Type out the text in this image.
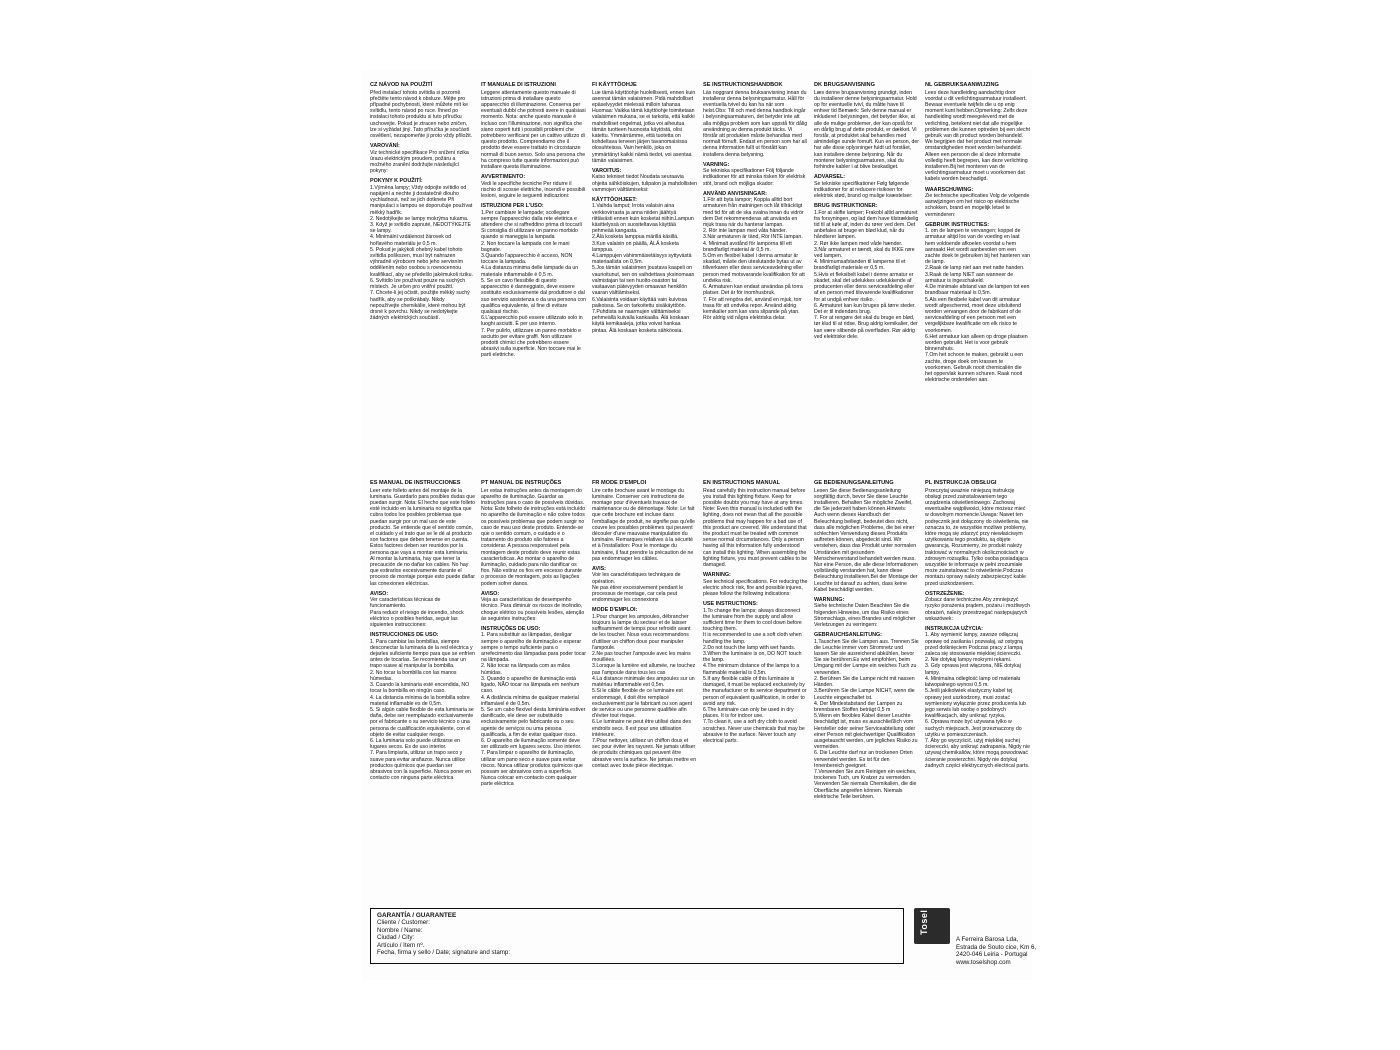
CZ NÁVOD NA POUŽITÍ

Před instalací tohoto svítidla si pozorně přečtěte tento návod k obsluze. Mějte pro případné pochybnosti, které můžete mít ke svítidlu, tento návod po ruce. Ihned po instalaci tohoto produktu si tuto příručku uschovejte. Pokud je ztracen nebo zničen, lze si vyžádat jiný. Tato příručka je součástí osvětlení, nezapomeňte ji proto vždy přiložit.

VAROVÁNÍ:

Viz technické specifikace Pro snížení rizika úrazu elektrickým proudem, požáru a možného zranění dodržujte následující pokyny:

POKYNY K POUŽITÍ:

1.Výměna lampy; Vždy odpojte svítidlo od napájení a nechte ji dostatečně dlouho vychladnout, než se jich dotknete Při manipulaci s lampou se doporučuje používat měkký hadřík.
2. Nedotýkejte se lampy mokrýma rukama.
3. Když je svítidlo zapnuté, NEDOTÝKEJTE se lampy.
4. Minimální vzdálenost žárovek od hořlavého materiálu je 0,5 m.
5. Pokud je jakýkoli ohebný kabel tohoto svítidla poškozen, musí být nahrazen výhradně výrobcem nebo jeho servisním oddělením nebo osobou s rovnocennou kvalifikací, aby se předešlo jakémukoli riziku.
6. Svítidlo lze používat pouze na suchých místech. Je určen pro vnitřní použití.
7. Chcete-li jej očistit, použijte měkký suchý hadřík, aby se poškrábaly. Nikdy nepoužívejte chemikálie, které mohou být drsné k povrchu. Nikdy se nedotýkejte žádných elektrických součástí.

IT MANUALE DI ISTRUZIONI

Leggere attentamente questo manuale di istruzioni prima di installare questo apparecchio di illuminazione. Conserva per eventuali dubbi che potresti avere in qualsiasi momento. Nota: anche questo manuale è incluso con l'illuminazione, non significa che siano coperti tutti i possibili problemi che potrebbero verificarsi per un cattivo utilizzo di questo prodotto. Comprendiamo che il prodotto deve essere trattato in circostanze normali di buon senso. Solo una persona che ha compreso tutte queste informazioni può installare questa illuminazione.

AVVERTIMENTO:

Vedi le specifiche tecniche Per ridurre il rischio di scosse elettriche, incendi e possibili lesioni, seguire le seguenti indicazioni:

ISTRUZIONI PER L'USO:

1.Per cambiare le lampade; scollegare sempre l'apparecchio dalla rete elettrica e attendere che si raffreddino prima di toccarli Si consiglia di utilizzare un panno morbido quando si maneggia la lampada
2. Non toccare la lampada con le mani bagnate.
3.Quando l'apparecchio è acceso, NON toccare la lampada.
4.La distanza minima delle lampade da un materiale infiammabile è 0,5 m.
5. Se un cavo flessibile di questo apparecchio è danneggiato, deve essere sostituito esclusivamente dal produttore o dal suo servizio assistenza o da una persona con qualifica equivalente, al fine di evitare qualsiasi rischio.
6.L'apparecchio può essere utilizzato solo in luoghi asciutti. È per uso interno.
7. Per pulirlo, utilizzare un panno morbido e asciutto per evitare graffi. Non utilizzare prodotti chimici che potrebbero essere abrasivi sulla superficie. Non toccare mai le parti elettriche.

FI KÄYTTÖOHJE

Lue tämä käyttöohje huolellisesti, ennen kuin asennat tämän valaisimen. Pidä mahdolliset epäselvyydet mielessä milloin tahansa Huomaa: Vaikka tämä käyttöohje toimitetaan valaisimen mukana, se ei tarkoita, että kaikki mahdolliset ongelmat, jotka voi aiheutua tämän tuotteen huonosta käytöstä, olisi katettu. Ymmärrämme, että tuotetta on kohdeltava terveen järjen tavanomaisissa olosuhteissa. Vain henkilö, joka on ymmärtänyt kaikki nämä tiedot, voi asentaa tämän valaisimen.

VAROITUS:

Katso tekniset tiedot Noudata seuraavia ohjeita sähköiskujen, tulipalon ja mahdollisten vammojen välttämiseksi:

KÄYTTÖOHJEET:

1.Vaihda lamput; Irrota valaisin aina verkkovirrasta ja anna niiden jäähtyä riittävästi ennen kuin kosketat niihin.Lampun käsittelyssä on suositeltavaa käyttää pehmeää kangasta.
2.Älä kosketa lamppua märillä käsillä.
3.Kun valaisin on päällä, ÄLÄ kosketa lamppua.
4.Lamppujen vähimmäisetäisyys syttyvästä materiaalista on 0,5m.
5.Jos tämän valaisimen joustava kaapeli on vaurioitunut, sen on vaihdettava yksinomaan valmistajan tai sen huolto-osaston tai vastaavan pätevyyden omaavan henkilön vaaran välttämiseksi.
6.Valaisinta voidaan käyttää vain kuivissa paikoissa. Se on tarkoitettu sisäkäyttöön.
7.Puhdista se naarmujen välttämiseksi pehmeällä kuivalla kankaalla. Älä koskaan käytä kemikaaleja, jotka voivat hankaa pintaa. Älä koskaan kosketa sähköosia.

SE INSTRUKTIONSHANDBOK

Läs noggrant denna bruksanvisning innan du installerar denna belysningsarmatur. Håll för eventuella tvivel du kan ha när som helst.Obs: Till och med denna handbok ingår i belysningsarmaturen, det betyder inte att alla möjliga problem som kan uppstå för dålig användning av denna produkt täcks. Vi förstår att produkten måste behandlas med normalt förnuft. Endast en person som har all denna information fullt ut förstått kan installera denna belysning.

VARNING:

Se tekniska specifikationer Följ följande indikationer för att minska risken för elektrisk stöt, brand och möjliga skador:

ANVÄND ANVISNINGAR:

1.För att byta lampor; Koppla alltid bort armaturen från matningen och låt tillräckligt med tid för att de ska svalna innan du vidrör dem Det rekommenderas att använda en mjuk trasa när du hanterar lampan.
2. Rör inte lampan med våta händer.
3.När armaturen är tänd, Rör INTE lampan.
4. Minimalt avstånd för lamporna till ett brandfarligt material är 0,5 m.
5.Om en flexibel kabel i denna armatur är skadad, måste den uteslutande bytas ut av tillverkaren eller dess serviceavdelning eller person med motsvarande kvalifikation för att undvika risk.
6. Armaturen kan endast användas på torra platser. Det är för inomhusbruk.
7. För att rengöra det, använd en mjuk, torr trasa för att undvika repor. Använd aldrig kemikalier som kan vara slipande på ytan. Rör aldrig vid några elektriska delar.

DK BRUGSANVISNING

Læs denne brugsanvisning grundigt, inden du installerer denne belysningsarmatur. Hold op for eventuelle tvivl, du måtte have til enhver tid Bemærk: Selv denne manual er inkluderet i belysningen, det betyder ikke, at alle de mulige problemer, der kan opstå for en dårlig brug af dette produkt, er dækket. Vi forstår, at produktet skal behandles med almindelige sunde fornuft. Kun en person, der har alle disse oplysninger fuldt ud forstået, kan installere denne belysning. Når du monterer belysningsarmaturen, skal du forhindre kabler i at blive beskadiget.

ADVARSEL:

Se tekniske specifikationer Følg følgende indikationer for at reducere risikoen for elektrisk stød, brand og mulige kvæstelser:

BRUG INSTRUKTIONER:

1.For at skifte lamper; Frakobl altid armaturet fra forsyningen, og lad dem have tilstrækkelig tid til at køle af, inden du rører ved dem. Det anbefales at bruge en blød klud, når du håndterer lampen.
2. Rør ikke lampen med våde hænder.
3.Når armaturet er tændt, skal du IKKE røre ved lampen.
4. Minimumsafstanden til lamperne til et brandfarligt materiale er 0,5 m.
5.Hvis et fleksibelt kabel i denne armatur er skadet, skal det udelukkes udelukkende af producenten eller dens serviceafdeling eller af en person med tilsvarende kvalifikationer for at undgå enhver risiko.
6. Armaturet kan kun bruges på tørre steder. Det er til indendørs brug.
7. For at rengøre det skal du bruge en blød, tør klud til at ridse. Brug aldrig kemikalier, der kan være slibende på overfladen. Rør aldrig ved elektriske dele.

NL GEBRUIKSAANWIJZING

Lees deze handleiding aandachtig door voordat u dit verlichtingsarmatuur installeert. Bewaar eventuele twijfels die u op enig moment kunt hebben.Opmerking: Zelfs deze handleiding wordt meegeleverd met de verlichting, betekent niet dat alle mogelijke problemen die kunnen optreden bij een slecht gebruik van dit product worden behandeld. We begrijpen dat het product met normale omstandigheden moet worden behandeld. Alleen een persoon die al deze informatie volledig heeft begrepen, kan deze verlichting installeren.Bij het monteren van de verlichtingsarmatuur moet u voorkomen dat kabels worden beschadigd.

WAARSCHUWING:

Zie technische specificaties Volg de volgende aanwijzingen om het risico op elektrische schokken, brand en mogelijk letsel te verminderen:

GEBRUIK INSTRUCTIES:

1. om de lampen te vervangen; koppel de armatuur altijd los van de voeding en laat hem voldoende afkoelen voordat u hem aanraakt Het wordt aanbevolen om een zachte doek te gebruiken bij het hanteren van de lamp.
2.Raak de lamp niet aan met natte handen.
3.Raak de lamp NIET aan wanneer de armatuur is ingeschakeld.
4.De minimale afstand van de lampen tot een brandbaar materiaal is 0,5m.
5.Als een flexibele kabel van dit armatuur wordt afgeschermd, moet deze uitsluitend worden vervangen door de fabrikant of de serviceafdeling of een persoon met een vergelijkbare kwalificatie om elk risico te voorkomen.
6.Het armatuur kan alleen op droge plaatsen worden gebruikt. Het is voor gebruik binnenshuis.
7.Om het schoon te maken, gebruikt u een zachte, droge doek om krassen te voorkomen. Gebruik nooit chemicaliën die het oppervlak kunnen schuren. Raak nooit elektrische onderdelen aan.

ES MANUAL DE INSTRUCCIONES

Leer este folleto antes del montaje de la luminaria. Guardarlo para posibles dudas que puedan surgir. Nota: El hecho que este folleto esté incluido en la luminaria no significa que cubra todos los posibles problemas que puedan surgir por un mal uso de este producto. Se entiende que el sentido común, el cuidado y el trato que se le dé al producto son factores que deben tenerse en cuenta. Estos factores deben ser reunidos por la persona que vaya a montar esta luminaria.
Al montar la luminaria, hay que tener la precaución de no dañar los cables. No hay que estirarlos excesivamente durante el proceso de montaje porque esto puede dañar las conexiones eléctricas.

AVISO:

Ver características técnicas de funcionamiento.
Para reducir el riesgo de incendio, shock eléctrico o posibles heridas, seguir las siguientes instrucciones:

INSTRUCCIONES DE USO:

1. Para cambiar las bombillas, siempre desconectar la luminaria de la red eléctrica y dejarles suficiente tiempo para que se enfríen antes de tocarlas. Se recomienda usar un trapo suave al manipular la bombilla.
2. No tocar la bombilla con las manos húmedas.
3. Cuando la luminaria esté encendida, NO tocar la bombilla en ningún caso.
4. La distancia mínima de la bombilla sobre material inflamable es de 0,5m.
5. Si algún cable flexible de esta luminaria se daña, debe ser reemplazado exclusivamente por el fabricante o su servicio técnico o una persona de cualificación equivalente, con el objeto de evitar cualquier riesgo.
6. La luminaria solo puede utilizarse en lugares secos. Es de uso interior.
7. Para limpiarla, utilizar un trapo seco y suave para evitar arañazos. Nunca utilice productos químicos que puedan ser abrasivos con la superficie. Nunca poner en contacto con ninguna parte eléctrica

PT MANUAL DE INSTRUÇÕES

Ler estas instruções antes da montagem do aparelho de iluminação. Guardar as instruções para o caso de possíveis dúvidas.
Nota: Este folheto de instruções está incluído no aparelho de iluminação e não cobre todos os possíveis problemas que podem surgir no caso de mau uso deste produto. Entende-se que o sentido comum, o cuidado e o tratamento do produto são fatores a considerar. A pessoa responsável pela montagem deste produto deve reunir estas características. Ao montar o aparelho de iluminação, cuidado para não danificar os fios. Não estirar os fios em excesso durante o processo de montagem, pois as ligações podem sofrer danos.

AVISO:

Veja as características de desempenho técnico. Para diminuir os riscos de incêndio, choque elétrico ou possíveis lesões, atenção às seguintes instruções:

INSTRUÇÕES DE USO:

1. Para substituir as lâmpadas, desligar sempre o aparelho de iluminação e esperar sempre o tempo suficiente para o arrefecimento das lâmpadas para poder tocar na lâmpada.
2. Não tocar na lâmpada com as mãos húmidas.
3. Quando o aparelho de iluminação está ligado, NÃO tocar na lâmpada em nenhum caso.
4. A distância mínima de qualquer material inflamável é de 0,5m.
5. Se um cabo flexível desta luminária estiver danificado, ele deve ser substituído exclusivamente pelo fabricante ou o seu agente de serviços ou uma pessoa qualificada, a fim de evitar qualquer risco.
6. O aparelho de iluminação somente deve ser utilizado em lugares secos. Uso interior.
7. Para limpar o aparelho de iluminação, utilizar um pano seco e suave para evitar riscos. Nunca utilizar produtos químicos que possam ser abrasivos com a superfície. Nunca colocar em contacto com qualquer parte eléctrica

FR MODE D'EMPLOI

Lire cette brochure avant le montage du luminaire. Conserver ces instructions de montage pour d'éventuels travaux de maintenance ou de démontage. Note: Le fait que cette brochure est incluse dans l'emballage de produit, ne signifie pas qu'elle couvre les possibles problèmes qui peuvent découler d'une mauvaise manipulation du luminaire. Remarques relatives à la sécurité et à l'installation: Pour le montage du luminaire, il faut prendre la précaution de ne pas endommager les câbles.

AVIS:

Voir les caractéristiques techniques de opération.
Ne pas étirer excessivement pendant le processus de montage, car cela peut endommager les connexions

MODE D'EMPLOI:

1.Pour changer les ampoules, débrancher toujours la lampe du secteur et de laisser suffisamment de temps pour refroidir avant de les toucher. Nous vous recommandons d'utiliser un chiffon doux pour manipuler l'ampoule.
2.Ne pas toucher l'ampoule avec les mains mouillées.
3.Lorsque la lumière est allumée, ne touchez pas l'ampoule dans tous les cas
4.La distance minimale des ampoules sur un matériau inflammable est 0,5m.
5.Si le câble flexible de ce luminaire est endommagé, il doit être remplacé exclusivement par le fabricant ou son agent de service ou une personne qualifiée afin d'éviter tout risque.
6.Le luminaire ne peut être utilisé dans des endroits secs. Il est pour une utilisation intérieure.
7.Pour nettoyer, utilisez un chiffon doux et sec pour éviter les rayures. Ne jamais utiliser de produits chimiques qui peuvent être abrasive vers la surface. Ne jamais mettre en contact avec toute pièce électrique.

EN INSTRUCTIONS MANUAL

Read carefully this instruction manual before you install this lighting fixture. Keep for possible doubts you may have at any times.
Note: Even this manual is included with the lighting, does not mean that all the possible problems that may happen for a bad use of this product are covered. We understand that the product must be treated with common sense normal circumstances. Only a person having all this information fully understood can install this lighting. When assembling the lighting fixture, you must prevent cables to be damaged.

WARNING:

See technical specifications. For reducing the electric shock risk, fire and possible injures, please follow the following indications:

USE INSTRUCTIONS:

1.To change the lamps; always disconnect the luminaire from the supply and allow sufficient time for them to cool down before touching them.
It is recommended to use a soft cloth when handling the lamp.
2.Do not touch the lamp with wet hands.
3.When the luminaire is on, DO NOT touch the lamp.
4.The minimum distance of the lamps to a flammable material is 0,5m.
5.If any flexible cable of this luminaire is damaged, it must be replaced exclusively by the manufacturer or its service department or person of equivalent qualification, in order to avoid any risk.
6.The luminaire can only be used in dry places. It is for indoor use.
7.To clean it, use a soft dry cloth to avoid scratches. Never use chemicals that may be abrasive to the surface. Never touch any electrical parts.

GE BEDIENUNGSANLEITUNG

Lesen Sie diese Bedienungsanleitung sorgfältig durch, bevor Sie diese Leuchte installieren. Behalten Sie mögliche Zweifel, die Sie jederzeit haben können.Hinweis: Auch wenn dieses Handbuch der Beleuchtung beiliegt, bedeutet dies nicht, dass alle möglichen Probleme, die bei einer schlechten Verwendung dieses Produkts auftreten können, abgedeckt sind. Wir verstehen, dass das Produkt unter normalen Umständen mit gesundem Menschenverstand behandelt werden muss. Nur eine Person, die alle diese Informationen vollständig verstanden hat, kann diese Beleuchtung installieren.Bei der Montage der Leuchte ist darauf zu achten, dass keine Kabel beschädigt werden.

WARNUNG:

Siehe technische Daten Beachten Sie die folgenden Hinweise, um das Risiko eines Stromschlags, eines Brandes und möglicher Verletzungen zu verringern:

GEBRAUCHSANLEITUNG:

1.Tauschen Sie die Lampen aus. Trennen Sie die Leuchte immer vom Stromnetz und lassen Sie sie ausreichend abkühlen, bevor Sie sie berühren.Es wird empfohlen, beim Umgang mit der Lampe ein weiches Tuch zu verwenden.
2. Berühren Sie die Lampe nicht mit nassen Händen.
3.Berühren Sie die Lampe NICHT, wenn die Leuchte eingeschaltet ist.
4. Der Mindestabstand der Lampen zu brennbaren Stoffen beträgt 0,5 m
5.Wenn ein flexibles Kabel dieser Leuchte beschädigt ist, muss es ausschließlich vom Hersteller oder seiner Serviceabteilung oder einer Person mit gleichwertiger Qualifikation ausgetauscht werden, um jegliches Risiko zu vermeiden.
6. Die Leuchte darf nur an trockenen Orten verwendet werden. Es ist für den Innenbereich geeignet.
7.Verwenden Sie zum Reinigen ein weiches, trockenes Tuch, um Kratzer zu vermeiden. Verwenden Sie niemals Chemikalien, die die Oberfläche angreifen können. Niemals elektrische Teile berühren.

PL INSTRUKCJA OBSŁUGI

Przeczytaj uważnie niniejszą instrukcję obsługi przed zainstalowaniem tego urządzenia oświetleniowego. Zachowaj ewentualne wątpliwości, które możesz mieć w dowolnym momencie.Uwaga: Nawet ten podręcznik jest dołączony do oświetlenia, nie oznacza to, że wszystkie możliwe problemy, które mogą się zdarzyć przy niewłaściwym użytkowaniu tego produktu, są objęte gwarancją. Rozumiemy, że produkt należy traktować w normalnych okolicznościach w zdrowym rozsądku. Tylko osoba posiadająca wszystkie te informacje w pełni zrozumiałe może zainstalować to oświetlenie.Podczas montażu oprawy należy zabezpieczyć kable przed uszkodzeniem.

OSTRZEŻENIE:

Zobacz dane techniczne.Aby zmniejszyć ryzyko porażenia prądem, pożaru i możliwych obrażeń, należy przestrzegać następujących wskazówek:

INSTRUKCJA UŻYCIA:

1. Aby wymienić lampy, zawsze odłączaj oprawę od zasilania i pozwalaj, aż ostygną przed dotknięciem Podczas pracy z lampą zaleca się stosowanie miękkiej ściereczki.
2. Nie dotykaj lampy mokrymi rękami.
3. Gdy oprawa jest włączona, NIE dotykaj lampy.
4. Minimalna odległość lamp od materiału łatwopalnego wynosi 0,5 m.
5.Jeśli jakikolwiek elastyczny kabel tej oprawy jest uszkodzony, musi zostać wymieniony wyłącznie przez producenta lub jego serwis lub osobę o podobnych kwalifikacjach, aby uniknąć ryzyka.
6. Oprawa może być używana tylko w suchych miejscach. Jest przeznaczony do użytku w pomieszczeniach.
7. Aby go wyczyścić, użyj miękkiej suchej ściereczki, aby uniknąć zadrapania. Nigdy nie używaj chemikaliów, które mogą powodować ścieranie powierzchni. Nigdy nie dotykaj żadnych części elektrycznych electrical parts.

GARANTÍA / GUARANTEE
Cliente / Customer:
Nombre / Name:
Ciudad / City:
Artículo / Item nº.
Fecha, firma y sello / Date; signature and stamp:
Tosel
A Ferreira Barosa Lda,
Estrada de Souto cice, Km 6,
2420-046 Leiria - Portugal
www.toselshop.com
